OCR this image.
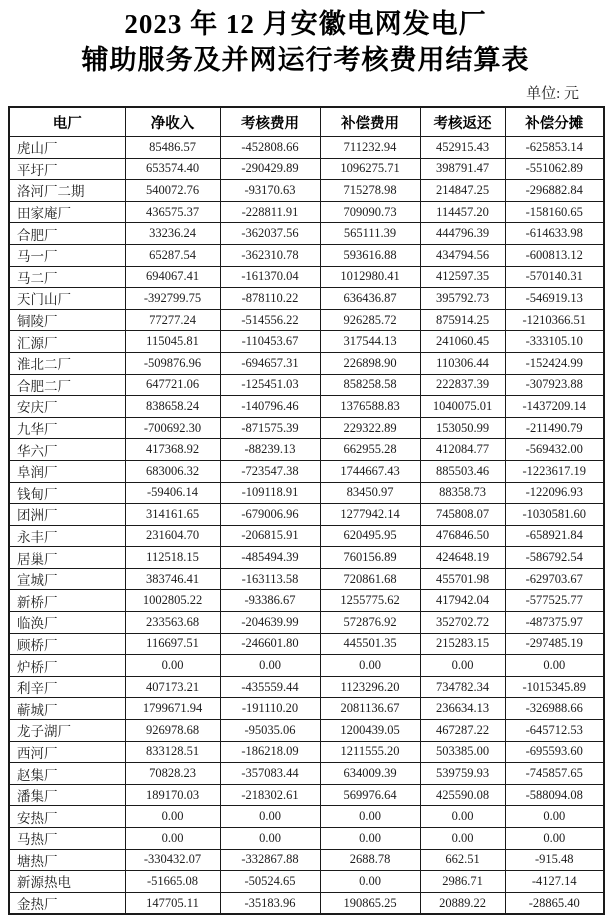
2023 年 12 月安徽电网发电厂
辅助服务及并网运行考核费用结算表
单位: 元
电厂	净收入	考核费用	补偿费用	考核返还	补偿分摊
虎山厂	85486.57	-452808.66	711232.94	452915.43	-625853.14
平圩厂	653574.40	-290429.89	1096275.71	398791.47	-551062.89
洛河厂二期	540072.76	-93170.63	715278.98	214847.25	-296882.84
田家庵厂	436575.37	-228811.91	709090.73	114457.20	-158160.65
合肥厂	33236.24	-362037.56	565111.39	444796.39	-614633.98
马一厂	65287.54	-362310.78	593616.88	434794.56	-600813.12
马二厂	694067.41	-161370.04	1012980.41	412597.35	-570140.31
天门山厂	-392799.75	-878110.22	636436.87	395792.73	-546919.13
铜陵厂	77277.24	-514556.22	926285.72	875914.25	-1210366.51
汇源厂	115045.81	-110453.67	317544.13	241060.45	-333105.10
淮北二厂	-509876.96	-694657.31	226898.90	110306.44	-152424.99
合肥二厂	647721.06	-125451.03	858258.58	222837.39	-307923.88
安庆厂	838658.24	-140796.46	1376588.83	1040075.01	-1437209.14
九华厂	-700692.30	-871575.39	229322.89	153050.99	-211490.79
华六厂	417368.92	-88239.13	662955.28	412084.77	-569432.00
阜润厂	683006.32	-723547.38	1744667.43	885503.46	-1223617.19
钱甸厂	-59406.14	-109118.91	83450.97	88358.73	-122096.93
团洲厂	314161.65	-679006.96	1277942.14	745808.07	-1030581.60
永丰厂	231604.70	-206815.91	620495.95	476846.50	-658921.84
居巢厂	112518.15	-485494.39	760156.89	424648.19	-586792.54
宣城厂	383746.41	-163113.58	720861.68	455701.98	-629703.67
新桥厂	1002805.22	-93386.67	1255775.62	417942.04	-577525.77
临涣厂	233563.68	-204639.99	572876.92	352702.72	-487375.97
顾桥厂	116697.51	-246601.80	445501.35	215283.15	-297485.19
炉桥厂	0.00	0.00	0.00	0.00	0.00
利辛厂	407173.21	-435559.44	1123296.20	734782.34	-1015345.89
蕲城厂	1799671.94	-191110.20	2081136.67	236634.13	-326988.66
龙子湖厂	926978.68	-95035.06	1200439.05	467287.22	-645712.53
西河厂	833128.51	-186218.09	1211555.20	503385.00	-695593.60
赵集厂	70828.23	-357083.44	634009.39	539759.93	-745857.65
潘集厂	189170.03	-218302.61	569976.64	425590.08	-588094.08
安热厂	0.00	0.00	0.00	0.00	0.00
马热厂	0.00	0.00	0.00	0.00	0.00
塘热厂	-330432.07	-332867.88	2688.78	662.51	-915.48
新源热电	-51665.08	-50524.65	0.00	2986.71	-4127.14
金热厂	147705.11	-35183.96	190865.25	20889.22	-28865.40
